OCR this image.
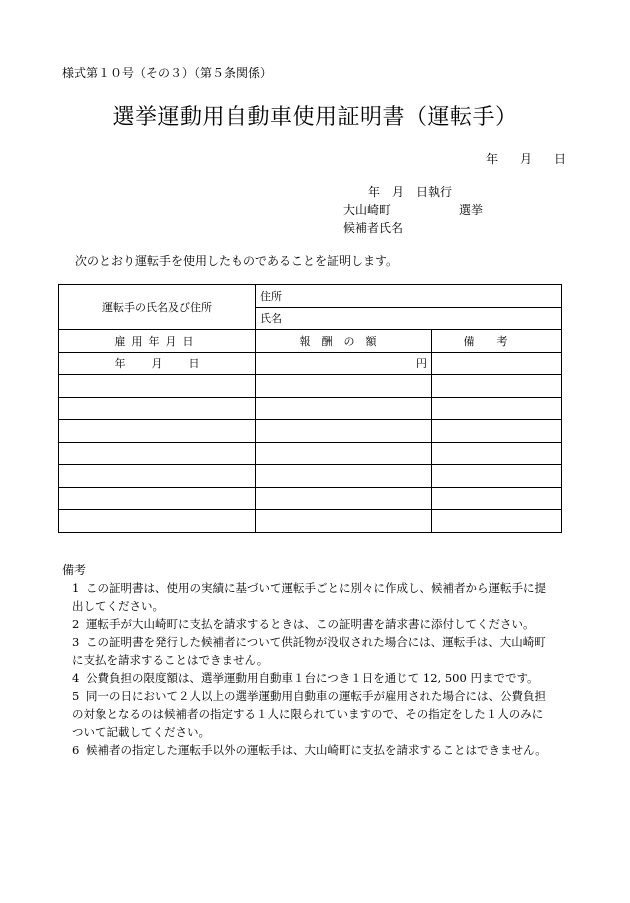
様式第１０号（その３）（第５条関係）
選挙運動用自動車使用証明書（運転手）
年 月 日
年 月 日執行
大山崎町	選挙
候補者氏名
次のとおり運転手を使用したものであることを証明します。
運転手の氏名及び住所	住所	
	氏名	
雇用年月日	報酬の額	備考
年 月 日	円	

備考
1 この証明書は、使用の実績に基づいて運転手ごとに別々に作成し、候補者から運転手に提
出してください。
2 運転手が大山崎町に支払を請求するときは、この証明書を請求書に添付してください。
3 この証明書を発行した候補者について供託物が没収された場合には、運転手は、大山崎町
に支払を請求することはできません。
4 公費負担の限度額は、選挙運動用自動車１台につき１日を通じて 12, 500 円までです。
5 同一の日において２人以上の選挙運動用自動車の運転手が雇用された場合には、公費負担
の対象となるのは候補者の指定する１人に限られていますので、その指定をした１人のみに
ついて記載してください。
6 候補者の指定した運転手以外の運転手は、大山崎町に支払を請求することはできません。
